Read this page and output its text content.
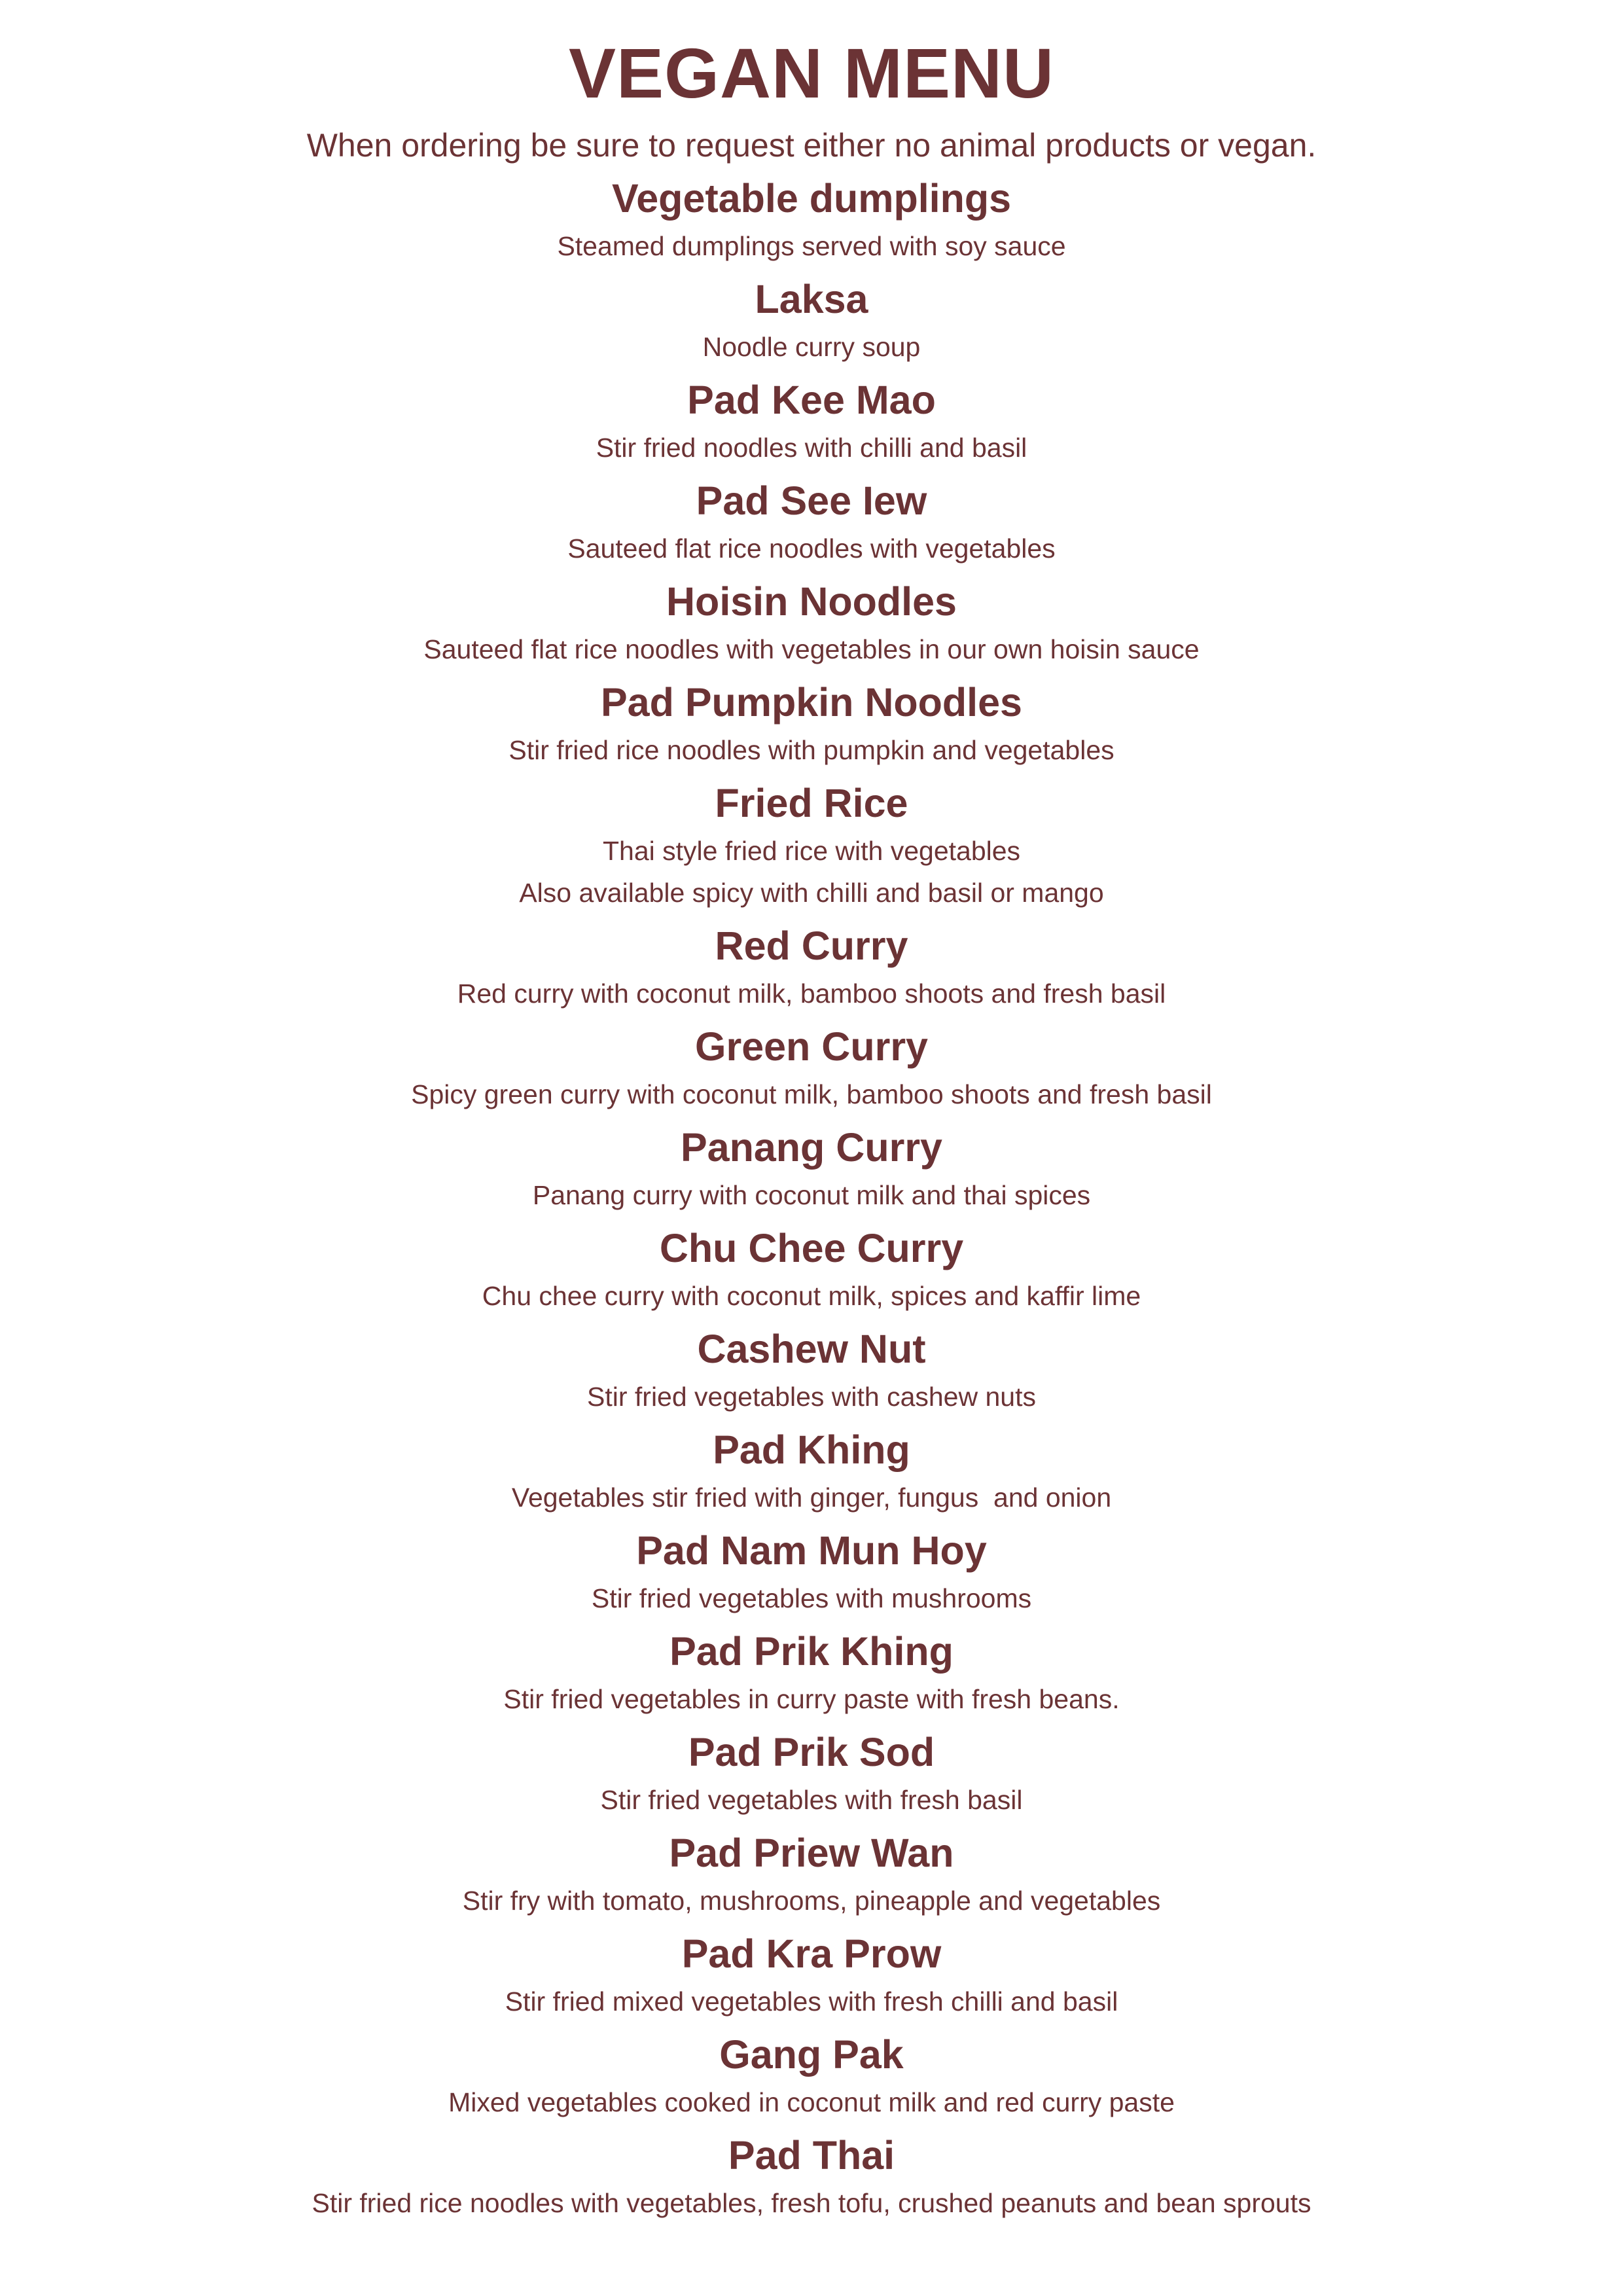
VEGAN MENU

When ordering be sure to request either no animal products or vegan.

Vegetable dumplings
Steamed dumplings served with soy sauce
Laksa
Noodle curry soup
Pad Kee Mao
Stir fried noodles with chilli and basil
Pad See Iew
Sauteed flat rice noodles with vegetables
Hoisin Noodles
Sauteed flat rice noodles with vegetables in our own hoisin sauce
Pad Pumpkin Noodles
Stir fried rice noodles with pumpkin and vegetables
Fried Rice
Thai style fried rice with vegetables
Also available spicy with chilli and basil or mango
Red Curry
Red curry with coconut milk, bamboo shoots and fresh basil
Green Curry
Spicy green curry with coconut milk, bamboo shoots and fresh basil
Panang Curry
Panang curry with coconut milk and thai spices
Chu Chee Curry
Chu chee curry with coconut milk, spices and kaffir lime
Cashew Nut
Stir fried vegetables with cashew nuts
Pad Khing
Vegetables stir fried with ginger, fungus  and onion
Pad Nam Mun Hoy
Stir fried vegetables with mushrooms
Pad Prik Khing
Stir fried vegetables in curry paste with fresh beans.
Pad Prik Sod
Stir fried vegetables with fresh basil
Pad Priew Wan
Stir fry with tomato, mushrooms, pineapple and vegetables
Pad Kra Prow
Stir fried mixed vegetables with fresh chilli and basil
Gang Pak
Mixed vegetables cooked in coconut milk and red curry paste
Pad Thai
Stir fried rice noodles with vegetables, fresh tofu, crushed peanuts and bean sprouts
